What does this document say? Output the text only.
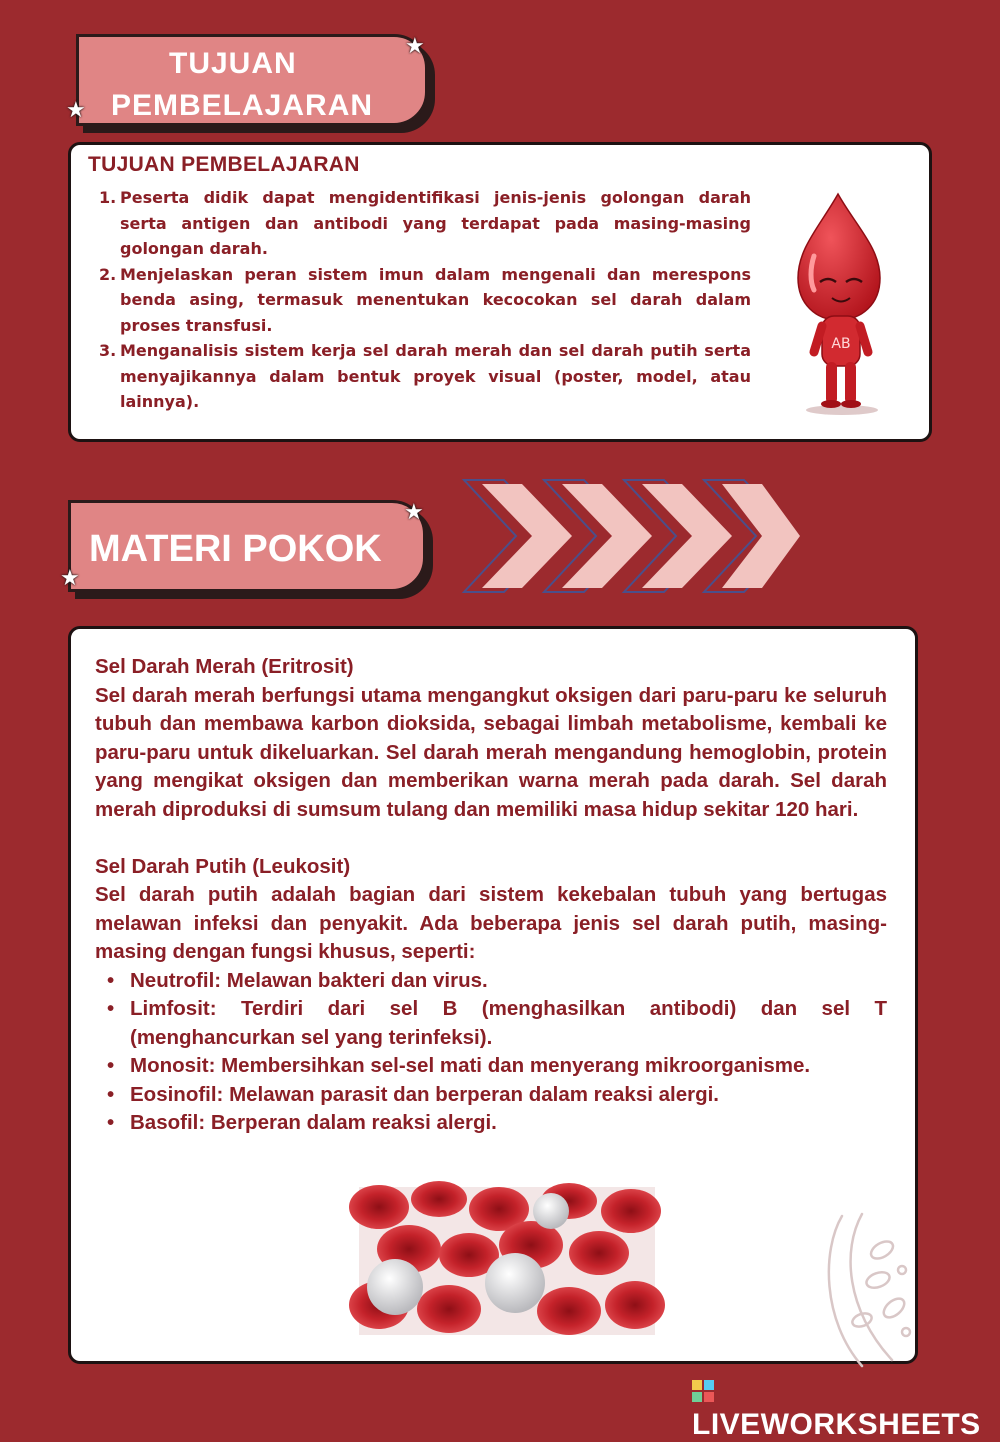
TUJUAN
PEMBELAJARAN
★
★
TUJUAN PEMBELAJARAN
1. Peserta didik dapat mengidentifikasi jenis-jenis golongan darah serta antigen dan antibodi yang terdapat pada masing-masing golongan darah.
2. Menjelaskan peran sistem imun dalam mengenali dan merespons benda asing, termasuk menentukan kecocokan sel darah dalam proses transfusi.
3. Menganalisis sistem kerja sel darah merah dan sel darah putih serta menyajikannya dalam bentuk proyek visual (poster, model, atau lainnya).
AB
MATERI POKOK
★
★
Sel Darah Merah (Eritrosit)

Sel darah merah berfungsi utama mengangkut oksigen dari paru-paru ke seluruh tubuh dan membawa karbon dioksida, sebagai limbah metabolisme, kembali ke paru-paru untuk dikeluarkan. Sel darah merah mengandung hemoglobin, protein yang mengikat oksigen dan memberikan warna merah pada darah. Sel darah merah diproduksi di sumsum tulang dan memiliki masa hidup sekitar 120 hari.

Sel Darah Putih (Leukosit)

Sel darah putih adalah bagian dari sistem kekebalan tubuh yang bertugas melawan infeksi dan penyakit. Ada beberapa jenis sel darah putih, masing-masing dengan fungsi khusus, seperti:

• Neutrofil: Melawan bakteri dan virus.
• Limfosit: Terdiri dari sel B (menghasilkan antibodi) dan sel T (menghancurkan sel yang terinfeksi).
• Monosit: Membersihkan sel-sel mati dan menyerang mikroorganisme.
• Eosinofil: Melawan parasit dan berperan dalam reaksi alergi.
• Basofil: Berperan dalam reaksi alergi.
LIVEWORKSHEETS
